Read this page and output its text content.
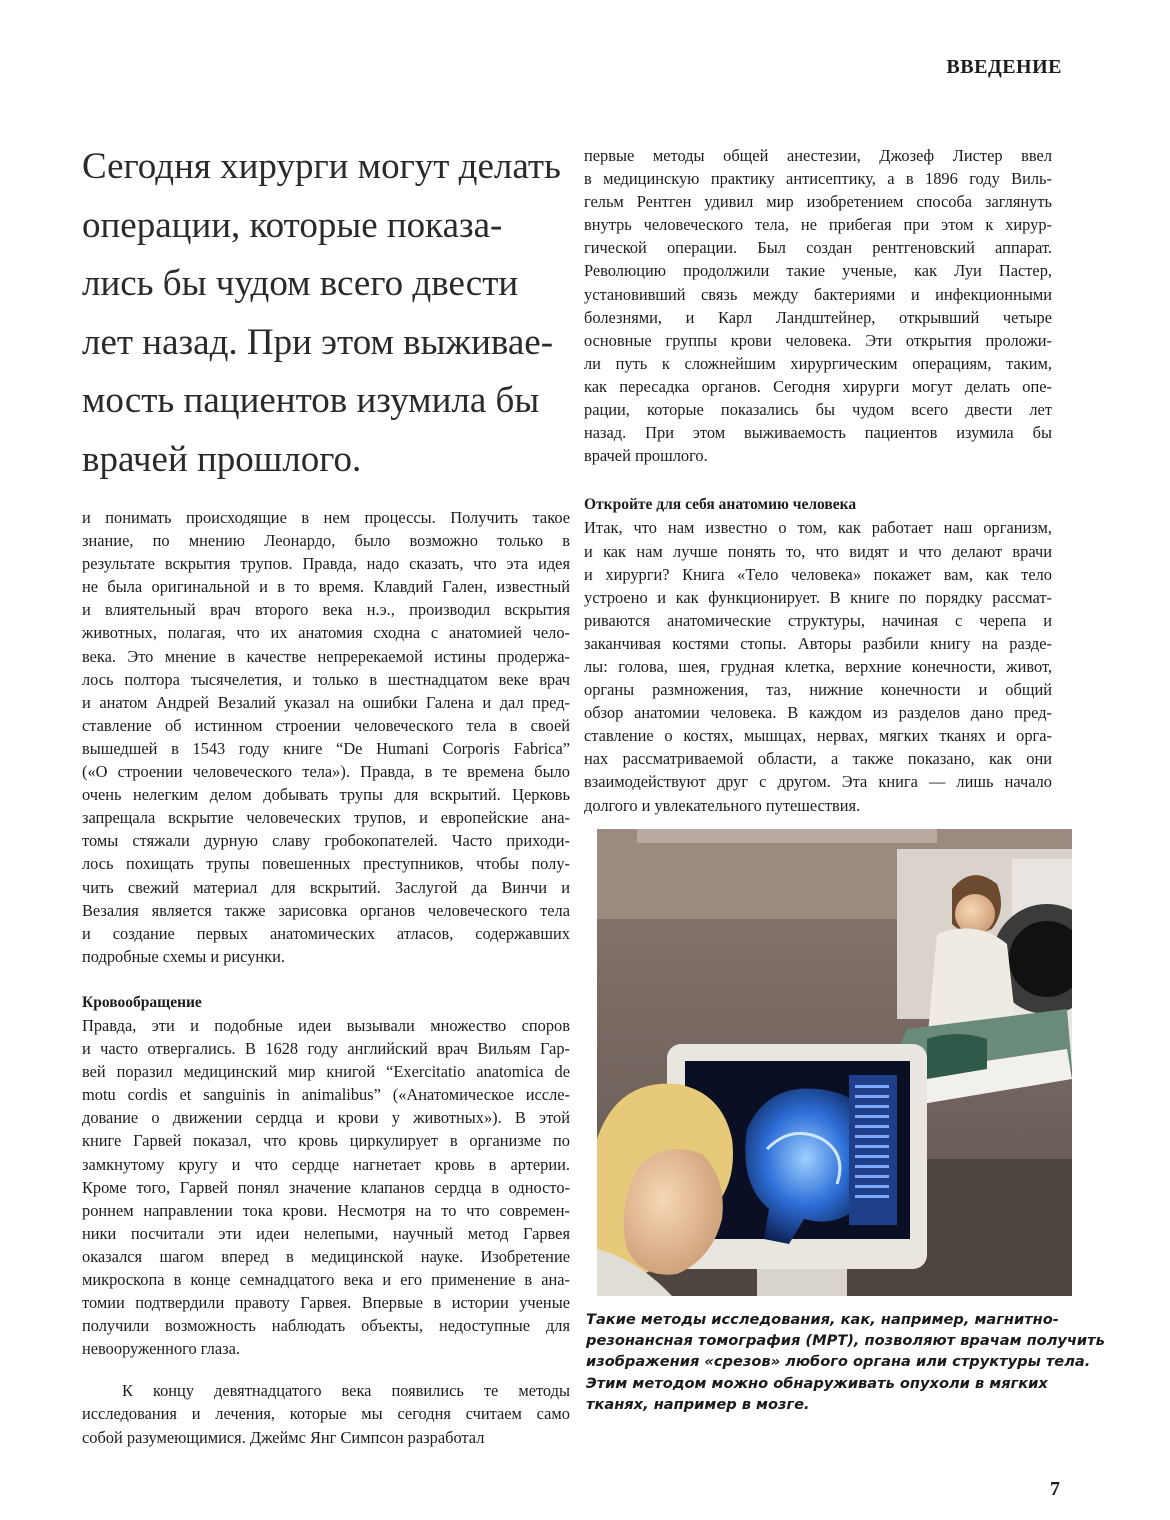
ВВЕДЕНИЕ
Сегодня хирурги могут делать
операции, которые показа-
лись бы чудом всего двести
лет назад. При этом выживае-
мость пациентов изумила бы
врачей прошлого.
и понимать происходящие в нем процессы. Получить такое
знание, по мнению Леонардо, было возможно только в
результате вскрытия трупов. Правда, надо сказать, что эта идея
не была оригинальной и в то время. Клавдий Гален, известный
и влиятельный врач второго века н.э., производил вскрытия
животных, полагая, что их анатомия сходна с анатомией чело-
века. Это мнение в качестве непререкаемой истины продержа-
лось полтора тысячелетия, и только в шестнадцатом веке врач
и анатом Андрей Везалий указал на ошибки Галена и дал пред-
ставление об истинном строении человеческого тела в своей
вышедшей в 1543 году книге “De Humani Corporis Fabrica”
(«О строении человеческого тела»). Правда, в те времена было
очень нелегким делом добывать трупы для вскрытий. Церковь
запрещала вскрытие человеческих трупов, и европейские ана-
томы стяжали дурную славу гробокопателей. Часто приходи-
лось похищать трупы повешенных преступников, чтобы полу-
чить свежий материал для вскрытий. Заслугой да Винчи и
Везалия является также зарисовка органов человеческого тела
и создание первых анатомических атласов, содержавших
подробные схемы и рисунки.
Кровообращение
Правда, эти и подобные идеи вызывали множество споров
и часто отвергались. В 1628 году английский врач Вильям Гар-
вей поразил медицинский мир книгой “Exercitatio anatomica de
motu cordis et sanguinis in animalibus” («Анатомическое иссле-
дование о движении сердца и крови у животных»). В этой
книге Гарвей показал, что кровь циркулирует в организме по
замкнутому кругу и что сердце нагнетает кровь в артерии.
Кроме того, Гарвей понял значение клапанов сердца в односто-
роннем направлении тока крови. Несмотря на то что современ-
ники посчитали эти идеи нелепыми, научный метод Гарвея
оказался шагом вперед в медицинской науке. Изобретение
микроскопа в конце семнадцатого века и его применение в ана-
томии подтвердили правоту Гарвея. Впервые в истории ученые
получили возможность наблюдать объекты, недоступные для
невооруженного глаза.
К концу девятнадцатого века появились те методы
исследования и лечения, которые мы сегодня считаем само
собой разумеющимися. Джеймс Янг Симпсон разработал
первые методы общей анестезии, Джозеф Листер ввел
в медицинскую практику антисептику, а в 1896 году Виль-
гельм Рентген удивил мир изобретением способа заглянуть
внутрь человеческого тела, не прибегая при этом к хирур-
гической операции. Был создан рентгеновский аппарат.
Революцию продолжили такие ученые, как Луи Пастер,
установивший связь между бактериями и инфекционными
болезнями, и Карл Ландштейнер, открывший четыре
основные группы крови человека. Эти открытия проложи-
ли путь к сложнейшим хирургическим операциям, таким,
как пересадка органов. Сегодня хирурги могут делать опе-
рации, которые показались бы чудом всего двести лет
назад. При этом выживаемость пациентов изумила бы
врачей прошлого.
Откройте для себя анатомию человека
Итак, что нам известно о том, как работает наш организм,
и как нам лучше понять то, что видят и что делают врачи
и хирурги? Книга «Тело человека» покажет вам, как тело
устроено и как функционирует. В книге по порядку рассмат-
риваются анатомические структуры, начиная с черепа и
заканчивая костями стопы. Авторы разбили книгу на разде-
лы: голова, шея, грудная клетка, верхние конечности, живот,
органы размножения, таз, нижние конечности и общий
обзор анатомии человека. В каждом из разделов дано пред-
ставление о костях, мышцах, нервах, мягких тканях и орга-
нах рассматриваемой области, а также показано, как они
взаимодействуют друг с другом. Эта книга — лишь начало
долгого и увлекательного путешествия.
Такие методы исследования, как, например, магнитно-
резонансная томография (МРТ), позволяют врачам получить
изображения «срезов» любого органа или структуры тела.
Этим методом можно обнаруживать опухоли в мягких
тканях, например в мозге.
7
